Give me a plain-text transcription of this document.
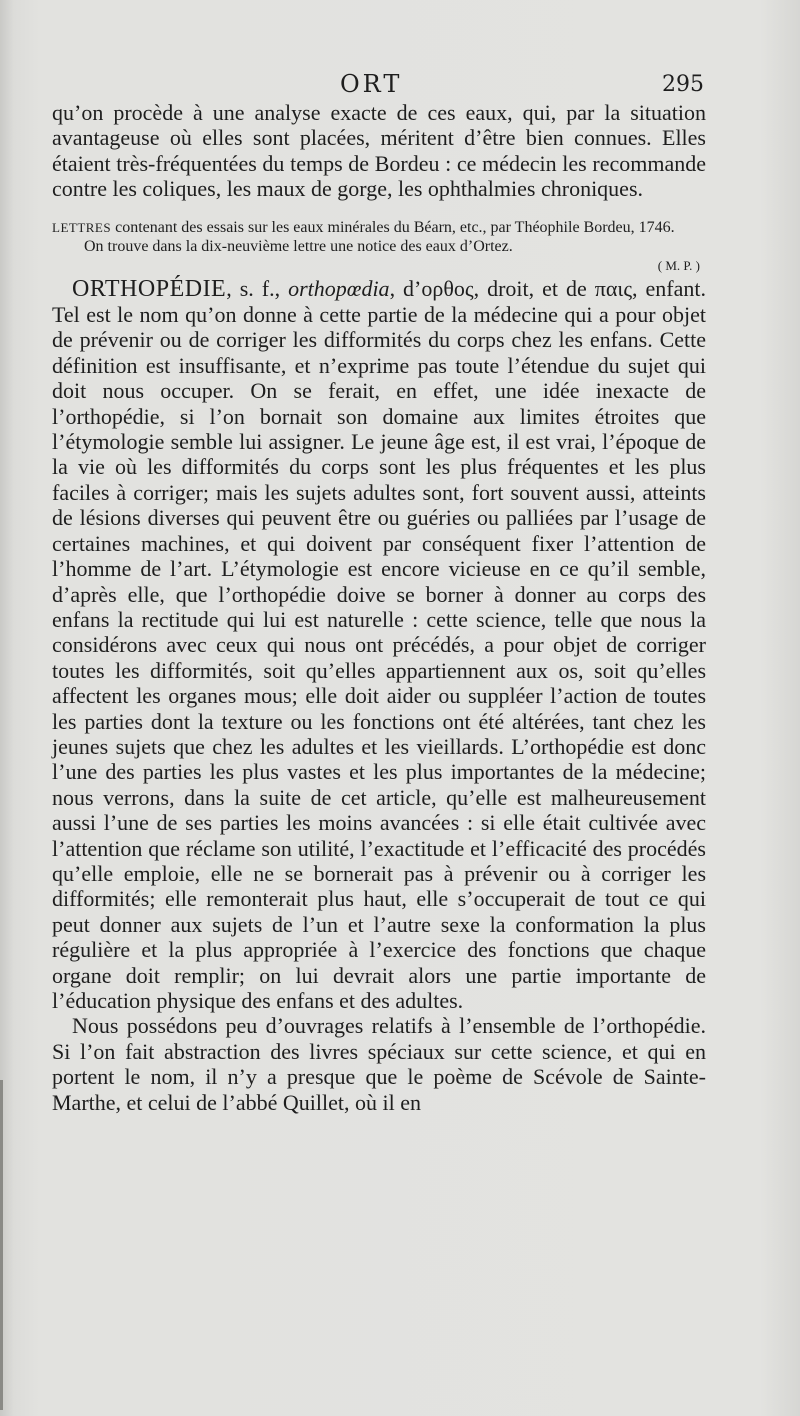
ORT	295

qu’on procède à une analyse exacte de ces eaux, qui, par la situation avantageuse où elles sont placées, méritent d’être bien connues. Elles étaient très-fréquentées du temps de Bordeu : ce médecin les recommande contre les coliques, les maux de gorge, les ophthalmies chroniques.

LETTRES contenant des essais sur les eaux minérales du Béarn, etc., par Théophile Bordeu, 1746.

On trouve dans la dix-neuvième lettre une notice des eaux d’Ortez.

( M. P. )

ORTHOPÉDIE, s. f., orthopœdia, d’ορθος, droit, et de παις, enfant. Tel est le nom qu’on donne à cette partie de la médecine qui a pour objet de prévenir ou de corriger les difformités du corps chez les enfans. Cette définition est insuffisante, et n’exprime pas toute l’étendue du sujet qui doit nous occuper. On se ferait, en effet, une idée inexacte de l’orthopédie, si l’on bornait son domaine aux limites étroites que l’étymologie semble lui assigner. Le jeune âge est, il est vrai, l’époque de la vie où les difformités du corps sont les plus fréquentes et les plus faciles à corriger; mais les sujets adultes sont, fort souvent aussi, atteints de lésions diverses qui peuvent être ou guéries ou palliées par l’usage de certaines machines, et qui doivent par conséquent fixer l’attention de l’homme de l’art. L’étymologie est encore vicieuse en ce qu’il semble, d’après elle, que l’orthopédie doive se borner à donner au corps des enfans la rectitude qui lui est naturelle : cette science, telle que nous la considérons avec ceux qui nous ont précédés, a pour objet de corriger toutes les difformités, soit qu’elles appartiennent aux os, soit qu’elles affectent les organes mous; elle doit aider ou suppléer l’action de toutes les parties dont la texture ou les fonctions ont été altérées, tant chez les jeunes sujets que chez les adultes et les vieillards. L’orthopédie est donc l’une des parties les plus vastes et les plus importantes de la médecine; nous verrons, dans la suite de cet article, qu’elle est malheureusement aussi l’une de ses parties les moins avancées : si elle était cultivée avec l’attention que réclame son utilité, l’exactitude et l’efficacité des procédés qu’elle emploie, elle ne se bornerait pas à prévenir ou à corriger les difformités; elle remonterait plus haut, elle s’occuperait de tout ce qui peut donner aux sujets de l’un et l’autre sexe la conformation la plus régulière et la plus appropriée à l’exercice des fonctions que chaque organe doit remplir; on lui devrait alors une partie importante de l’éducation physique des enfans et des adultes.

Nous possédons peu d’ouvrages relatifs à l’ensemble de l’orthopédie. Si l’on fait abstraction des livres spéciaux sur cette science, et qui en portent le nom, il n’y a presque que le poème de Scévole de Sainte-Marthe, et celui de l’abbé Quillet, où il en
